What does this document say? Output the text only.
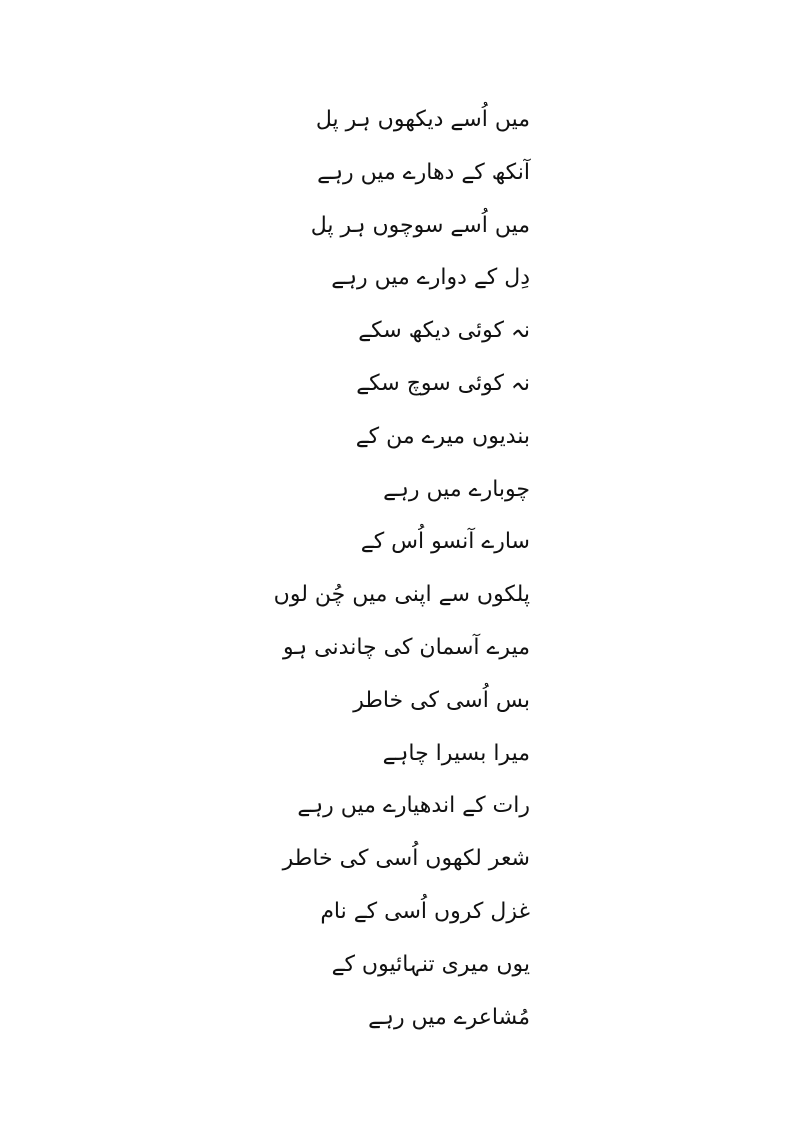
میں اُسے دیکھوں ہر پل
آنکھ کے دھارے میں رہے
میں اُسے سوچوں ہر پل
دِل کے دوارے میں رہے
نہ کوئی دیکھ سکے
نہ کوئی سوچ سکے
بندیوں میرے من کے
چوبارے میں رہے
سارے آنسو اُس کے
پلکوں سے اپنی میں چُن لوں
میرے آسمان کی چاندنی ہو
بس اُسی کی خاطر
میرا بسیرا چاہے
رات کے اندھیارے میں رہے
شعر لکھوں اُسی کی خاطر
غزل کروں اُسی کے نام
یوں میری تنہائیوں کے
مُشاعرے میں رہے
